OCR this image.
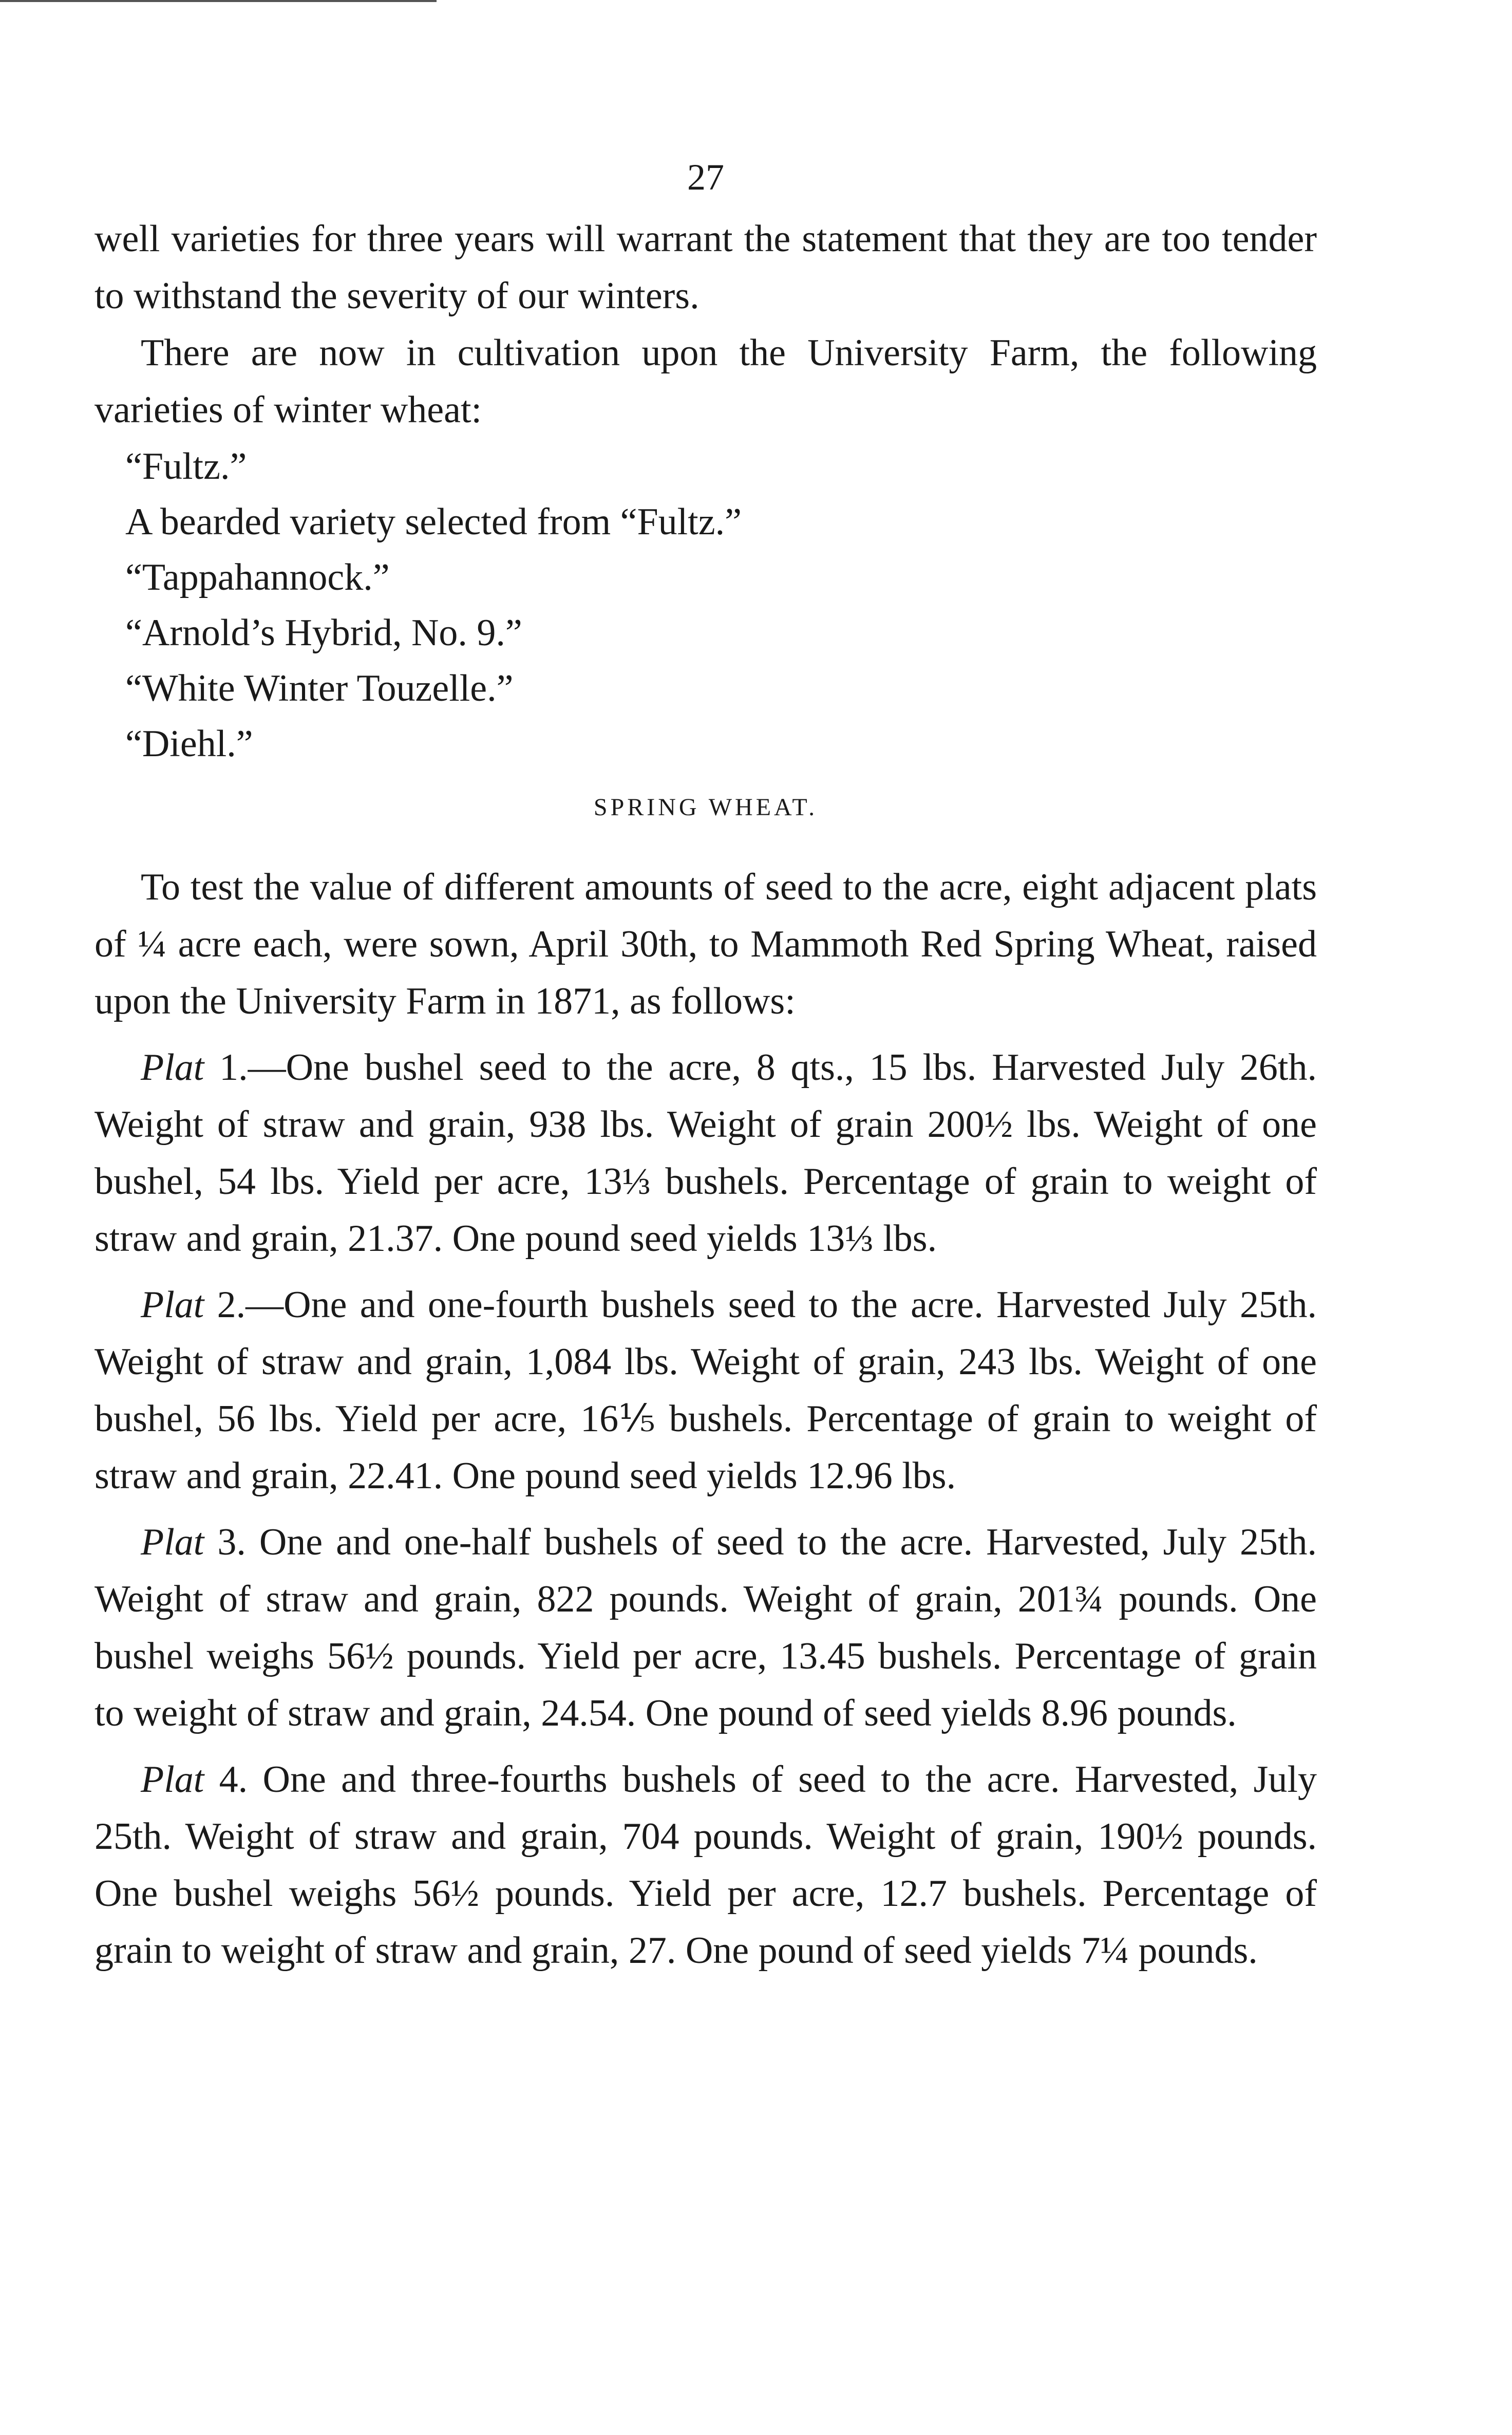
27

well varieties for three years will warrant the statement that they are too tender to withstand the severity of our winters.

There are now in cultivation upon the University Farm, the following varieties of winter wheat:

“Fultz.”
A bearded variety selected from “Fultz.”
“Tappahannock.”
“Arnold’s Hybrid, No. 9.”
“White Winter Touzelle.”
“Diehl.”
SPRING WHEAT.

To test the value of different amounts of seed to the acre, eight adjacent plats of ¼ acre each, were sown, April 30th, to Mammoth Red Spring Wheat, raised upon the University Farm in 1871, as follows:

Plat 1.—One bushel seed to the acre, 8 qts., 15 lbs. Harvested July 26th. Weight of straw and grain, 938 lbs. Weight of grain 200½ lbs. Weight of one bushel, 54 lbs. Yield per acre, 13⅓ bushels. Percentage of grain to weight of straw and grain, 21.37. One pound seed yields 13⅓ lbs.

Plat 2.—One and one-fourth bushels seed to the acre. Harvested July 25th. Weight of straw and grain, 1,084 lbs. Weight of grain, 243 lbs. Weight of one bushel, 56 lbs. Yield per acre, 16⅕ bushels. Percentage of grain to weight of straw and grain, 22.41. One pound seed yields 12.96 lbs.

Plat 3. One and one-half bushels of seed to the acre. Harvested, July 25th. Weight of straw and grain, 822 pounds. Weight of grain, 201¾ pounds. One bushel weighs 56½ pounds. Yield per acre, 13.45 bushels. Percentage of grain to weight of straw and grain, 24.54. One pound of seed yields 8.96 pounds.

Plat 4. One and three-fourths bushels of seed to the acre. Harvested, July 25th. Weight of straw and grain, 704 pounds. Weight of grain, 190½ pounds. One bushel weighs 56½ pounds. Yield per acre, 12.7 bushels. Percentage of grain to weight of straw and grain, 27. One pound of seed yields 7¼ pounds.
